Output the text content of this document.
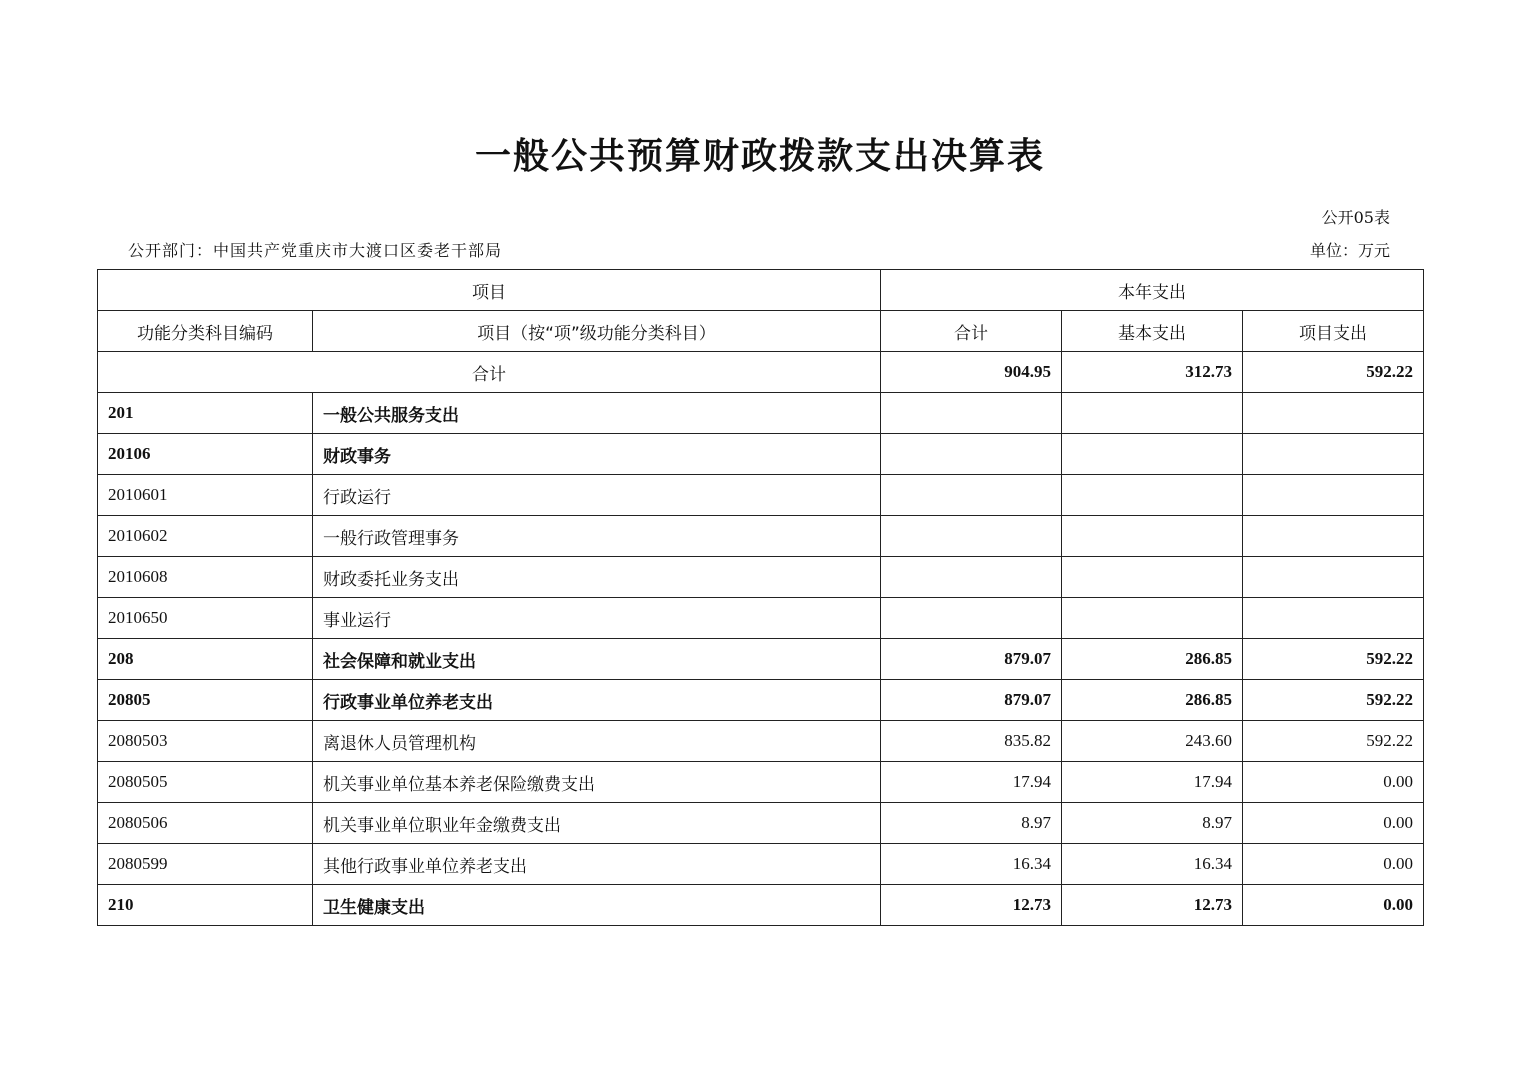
一般公共预算财政拨款支出决算表
公开05表
公开部门：中国共产党重庆市大渡口区委老干部局	单位：万元
项目		本年支出		
功能分类科目编码	项目（按“项”级功能分类科目）	合计	基本支出	项目支出
合计		904.95	312.73	592.22
201	一般公共服务支出			
20106	财政事务			
2010601	行政运行			
2010602	一般行政管理事务			
2010608	财政委托业务支出			
2010650	事业运行			
208	社会保障和就业支出	879.07	286.85	592.22
20805	行政事业单位养老支出	879.07	286.85	592.22
2080503	离退休人员管理机构	835.82	243.60	592.22
2080505	机关事业单位基本养老保险缴费支出	17.94	17.94	0.00
2080506	机关事业单位职业年金缴费支出	8.97	8.97	0.00
2080599	其他行政事业单位养老支出	16.34	16.34	0.00
210	卫生健康支出	12.73	12.73	0.00
